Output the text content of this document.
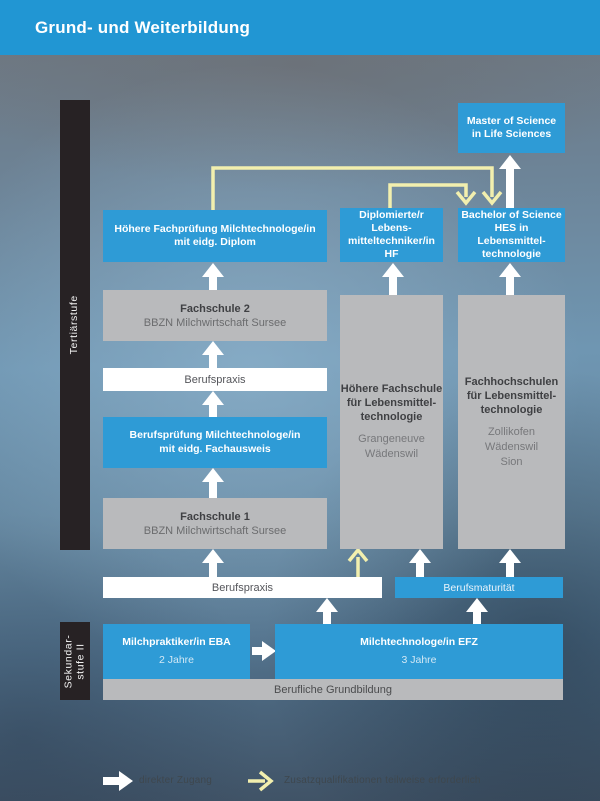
Grund- und Weiterbildung
Tertiärstufe
Sekundar- stufe II
Master of Science
in Life Sciences
Höhere Fachprüfung Milchtechnologe/in
mit eidg. Diplom
Diplomierte/r
Lebens-
mitteltechniker/in
HF
Bachelor of Science
HES in
Lebensmittel-
technologie
Fachschule 2
BBZN Milchwirtschaft Sursee
Berufspraxis
Berufsprüfung Milchtechnologe/in
mit eidg. Fachausweis
Fachschule 1
BBZN Milchwirtschaft Sursee
Höhere Fachschule
für Lebensmittel-
technologie
Grangeneuve
Wädenswil
Fachhochschulen
für Lebensmittel-
technologie
Zollikofen
Wädenswil
Sion
Berufspraxis	Berufsmaturität
Milchpraktiker/in EBA
2 Jahre
Milchtechnologe/in EFZ
3 Jahre
Berufliche Grundbildung
direkter Zugang	Zusatzqualifikationen teilweise erforderlich
